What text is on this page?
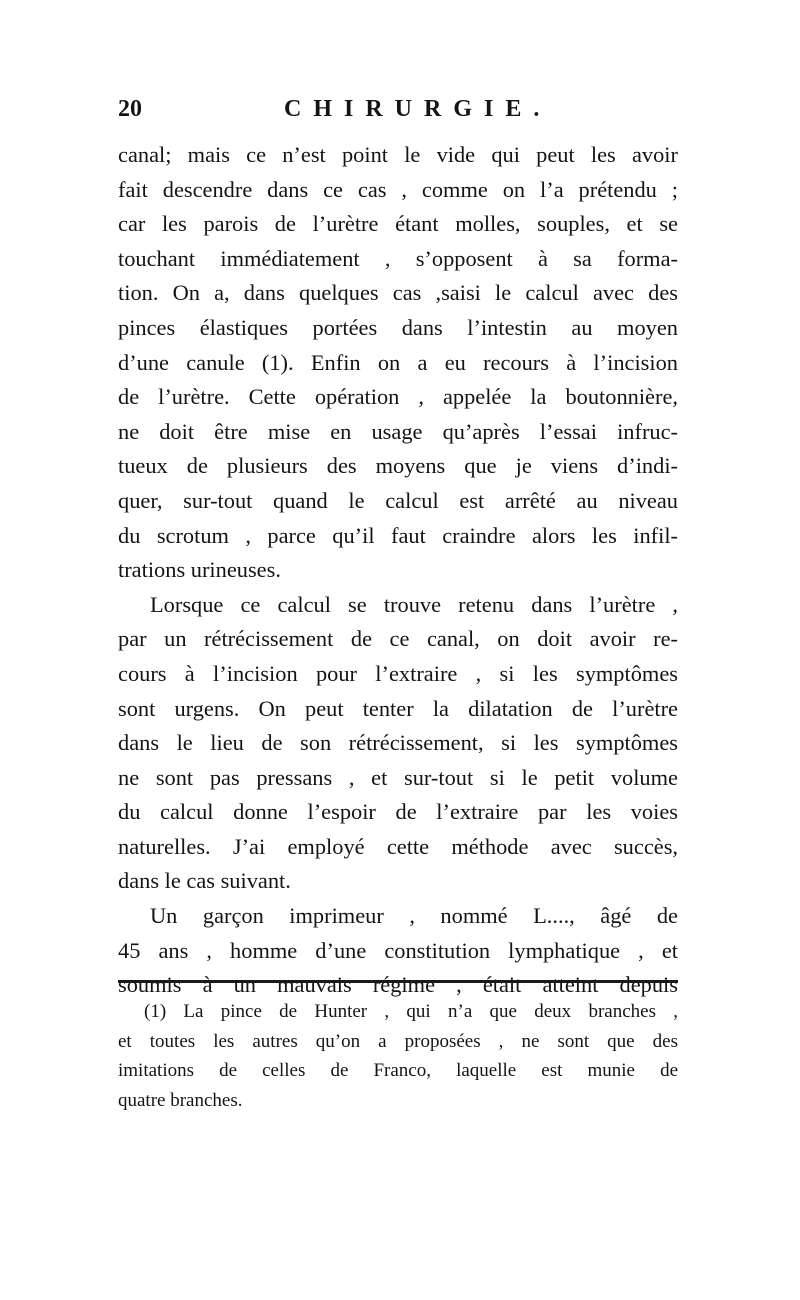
20	CHIRURGIE.
canal; mais ce n’est point le vide qui peut les avoir
fait descendre dans ce cas , comme on l’a prétendu ;
car les parois de l’urètre étant molles, souples, et se
touchant immédiatement , s’opposent à sa forma-
tion. On a, dans quelques cas ,saisi le calcul avec des
pinces élastiques portées dans l’intestin au moyen
d’une canule (1). Enfin on a eu recours à l’incision
de l’urètre. Cette opération , appelée la boutonnière,
ne doit être mise en usage qu’après l’essai infruc-
tueux de plusieurs des moyens que je viens d’indi-
quer, sur-tout quand le calcul est arrêté au niveau
du scrotum , parce qu’il faut craindre alors les infil-
trations urineuses.
Lorsque ce calcul se trouve retenu dans l’urètre ,
par un rétrécissement de ce canal, on doit avoir re-
cours à l’incision pour l’extraire , si les symptômes
sont urgens. On peut tenter la dilatation de l’urètre
dans le lieu de son rétrécissement, si les symptômes
ne sont pas pressans , et sur-tout si le petit volume
du calcul donne l’espoir de l’extraire par les voies
naturelles. J’ai employé cette méthode avec succès,
dans le cas suivant.
Un garçon imprimeur , nommé L...., âgé de
45 ans , homme d’une constitution lymphatique , et
soumis à un mauvais régime , était atteint depuis
(1) La pince de Hunter , qui n’a que deux branches ,
et toutes les autres qu’on a proposées , ne sont que des
imitations de celles de Franco, laquelle est munie de
quatre branches.
